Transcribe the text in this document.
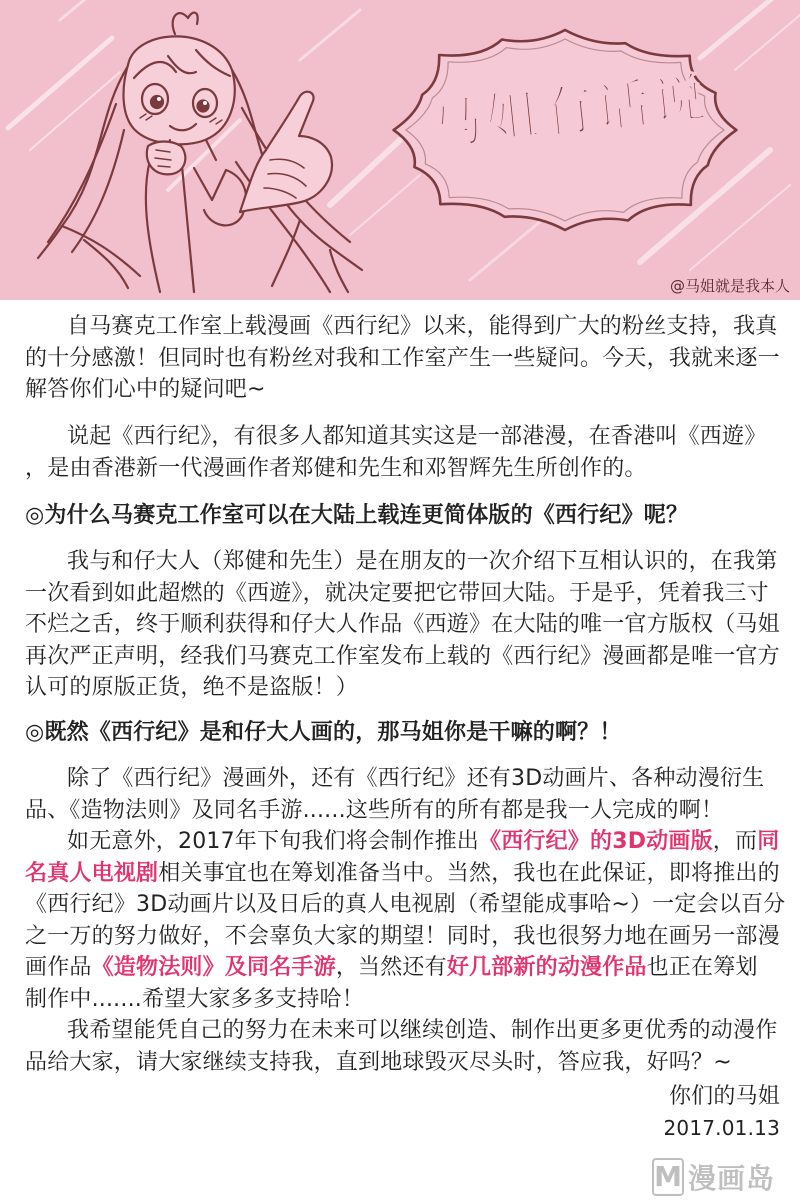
马姐有话说
@马姐就是我本人
自马赛克工作室上载漫画《西行纪》以来，能得到广大的粉丝支持，我真
的十分感激！但同时也有粉丝对我和工作室产生一些疑问。今天，我就来逐一
解答你们心中的疑问吧~
说起《西行纪》，有很多人都知道其实这是一部港漫，在香港叫《西遊》
，是由香港新一代漫画作者郑健和先生和邓智辉先生所创作的。
◎为什么马赛克工作室可以在大陆上载连更简体版的《西行纪》呢？
我与和仔大人（郑健和先生）是在朋友的一次介绍下互相认识的，在我第
一次看到如此超燃的《西遊》，就决定要把它带回大陆。于是乎，凭着我三寸
不烂之舌，终于顺利获得和仔大人作品《西遊》在大陆的唯一官方版权（马姐
再次严正声明，经我们马赛克工作室发布上载的《西行纪》漫画都是唯一官方
认可的原版正货，绝不是盗版！）
◎既然《西行纪》是和仔大人画的，那马姐你是干嘛的啊？！
除了《西行纪》漫画外，还有《西行纪》还有3D动画片、各种动漫衍生
品、《造物法则》及同名手游......这些所有的所有都是我一人完成的啊！
如无意外，2017年下旬我们将会制作推出《西行纪》的3D动画版，而同
名真人电视剧相关事宜也在筹划准备当中。当然，我也在此保证，即将推出的
《西行纪》3D动画片以及日后的真人电视剧（希望能成事哈~）一定会以百分
之一万的努力做好，不会辜负大家的期望！同时，我也很努力地在画另一部漫
画作品《造物法则》及同名手游，当然还有好几部新的动漫作品也正在筹划
制作中.......希望大家多多支持哈！
我希望能凭自己的努力在未来可以继续创造、制作出更多更优秀的动漫作
品给大家，请大家继续支持我，直到地球毁灭尽头时，答应我，好吗？~
你们的马姐
2017.01.13
M 漫画岛
